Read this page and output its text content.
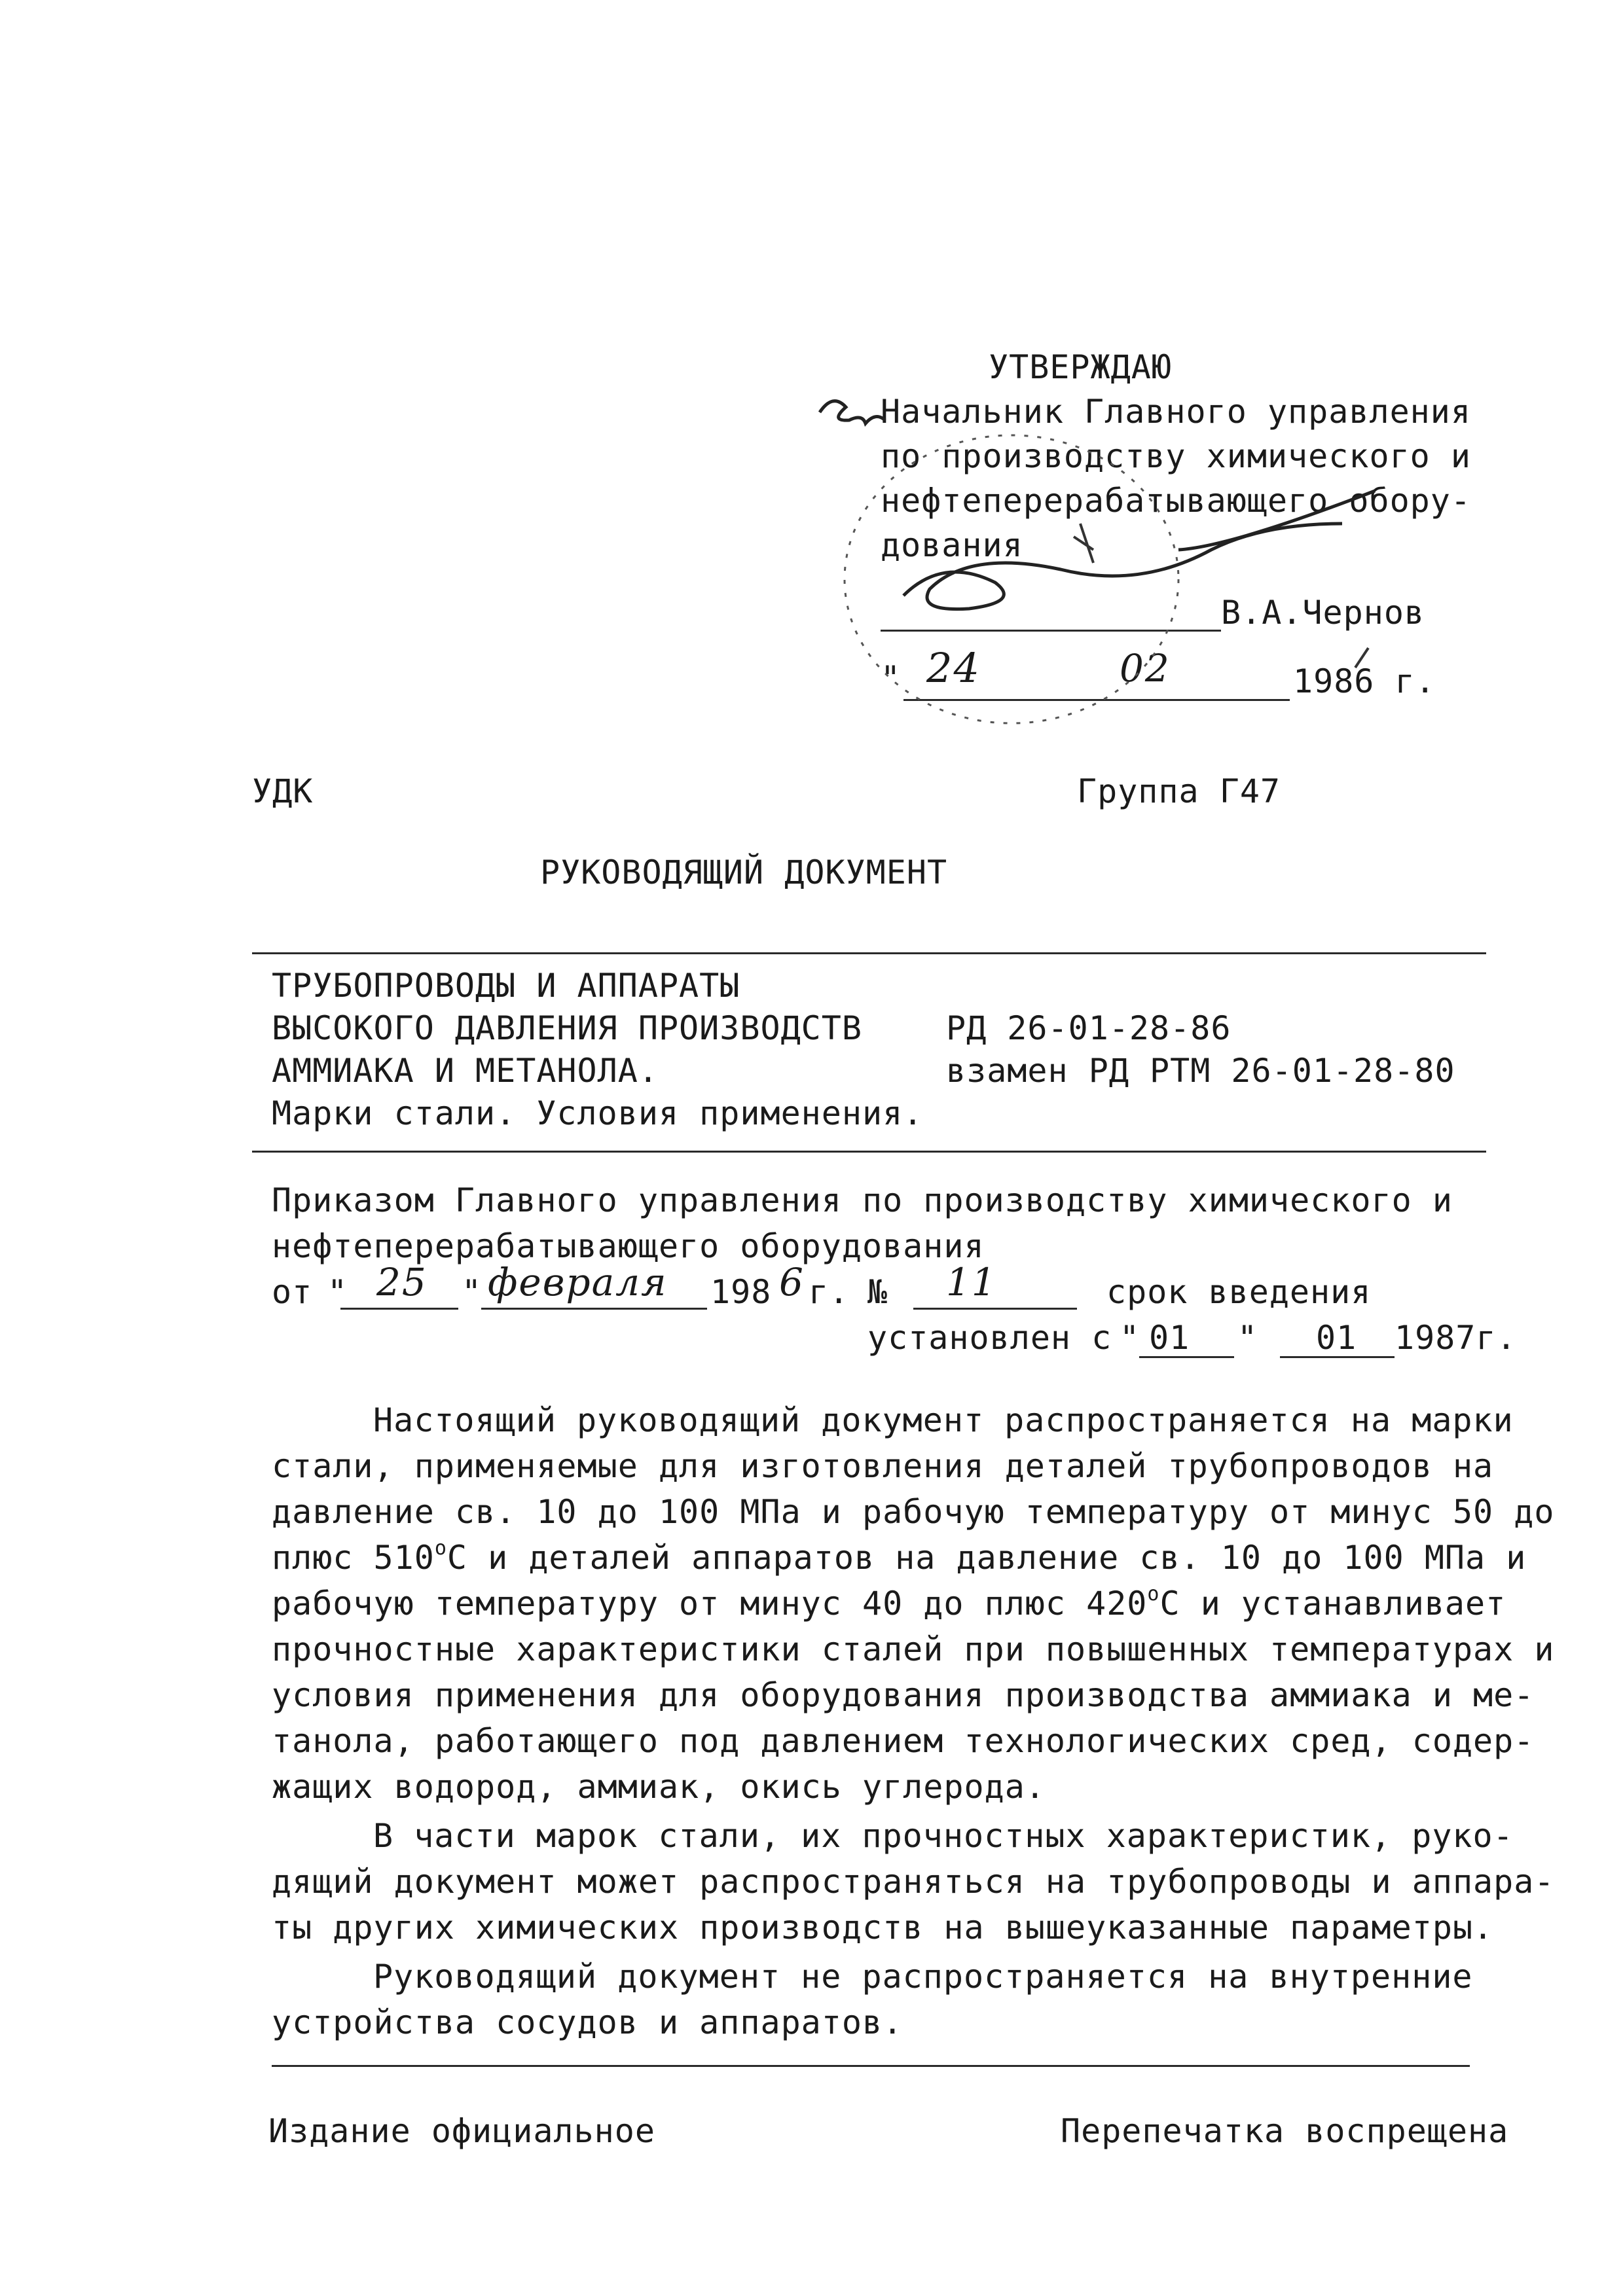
УТВЕРЖДАЮ
Начальник Главного управления
по производству химического и
нефтеперерабатывающего обору-
дования
В.А.Чернов
" 24	02	1986 г.
УДК	Группа Г47
РУКОВОДЯЩИЙ ДОКУМЕНТ
ТРУБОПРОВОДЫ И АППАРАТЫ
ВЫСОКОГО ДАВЛЕНИЯ ПРОИЗВОДСТВ
АММИАКА И МЕТАНОЛА.
Марки стали. Условия применения.
РД 26-01-28-86
взамен РД РТМ 26-01-28-80
Приказом Главного управления по производству химического и
нефтеперерабатывающего оборудования
от " 25 " февраля 198 6 г. № 11	срок введения
установлен с " 01 " 01 1987г.
Настоящий руководящий документ распространяется на марки
стали, применяемые для изготовления деталей трубопроводов на
давление св. 10 до 100 МПа и рабочую температуру от минус 50 до
плюс $510^оС$ и деталей аппаратов на давление св. 10 до 100 МПа и
рабочую температуру от минус 40 до плюс $420^оС$ и устанавливает
прочностные характеристики сталей при повышенных температурах и
условия применения для оборудования производства аммиака и ме-
танола, работающего под давлением технологических сред, содер-
жащих водород, аммиак, окись углерода.
В части марок стали, их прочностных характеристик, руко-
дящий документ может распространяться на трубопроводы и аппара-
ты других химических производств на вышеуказанные параметры.
Руководящий документ не распространяется на внутренние
устройства сосудов и аппаратов.
Издание официальное	Перепечатка воспрещена
